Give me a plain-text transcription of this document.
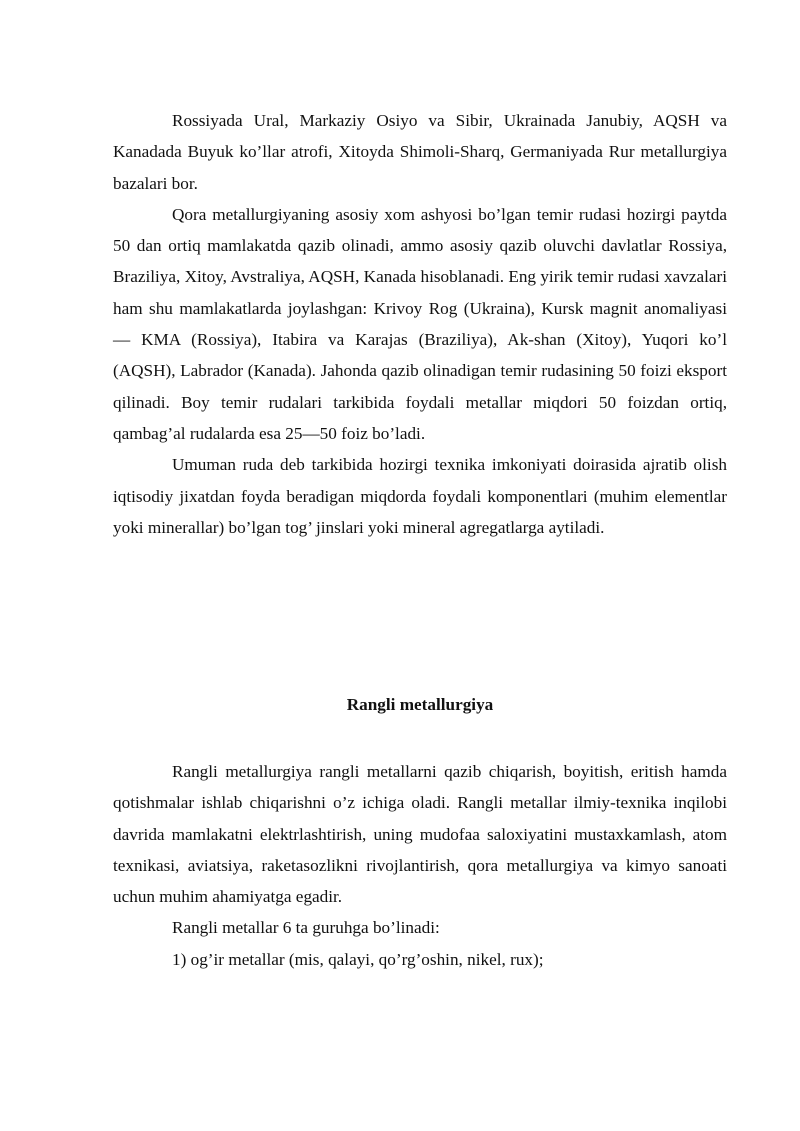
Rossiyada Ural, Markaziy Osiyo va Sibir, Ukrainada Janubiy, AQSH va Kanadada Buyuk ko’llar atrofi, Xitoyda Shimoli-Sharq, Germaniyada Rur metallurgiya bazalari bor.

Qora metallurgiyaning asosiy xom ashyosi bo’lgan temir rudasi hozirgi paytda 50 dan ortiq mamlakatda qazib olinadi, ammo asosiy qazib oluvchi davlatlar Rossiya, Braziliya, Xitoy, Avstraliya, AQSH, Kanada hisoblanadi. Eng yirik temir rudasi xavzalari ham shu mamlakatlarda joylashgan: Krivoy Rog (Ukraina), Kursk magnit anomaliyasi — KMA (Rossiya), Itabira va Karajas (Braziliya), Ak-shan (Xitoy), Yuqori ko’l (AQSH), Labrador (Kanada). Jahonda qazib olinadigan temir rudasining 50 foizi eksport qilinadi. Boy temir rudalari tarkibida foydali metallar miqdori 50 foizdan ortiq, qambag’al rudalarda esa 25—50 foiz bo’ladi.

Umuman ruda deb tarkibida hozirgi texnika imkoniyati doirasida ajratib olish iqtisodiy jixatdan foyda beradigan miqdorda foydali komponentlari (muhim elementlar yoki minerallar) bo’lgan tog’ jinslari yoki mineral agregatlarga aytiladi.

Rangli metallurgiya

Rangli metallurgiya rangli metallarni qazib chiqarish, boyitish, eritish hamda qotishmalar ishlab chiqarishni o’z ichiga oladi. Rangli metallar ilmiy-texnika inqilobi davrida mamlakatni elektrlashtirish, uning mudofaa saloxiyatini mustaxkamlash, atom texnikasi, aviatsiya, raketasozlikni rivojlantirish, qora metallurgiya va kimyo sanoati uchun muhim ahamiyatga egadir.

Rangli metallar 6 ta guruhga bo’linadi:

1) og’ir metallar (mis, qalayi, qo’rg’oshin, nikel, rux);
